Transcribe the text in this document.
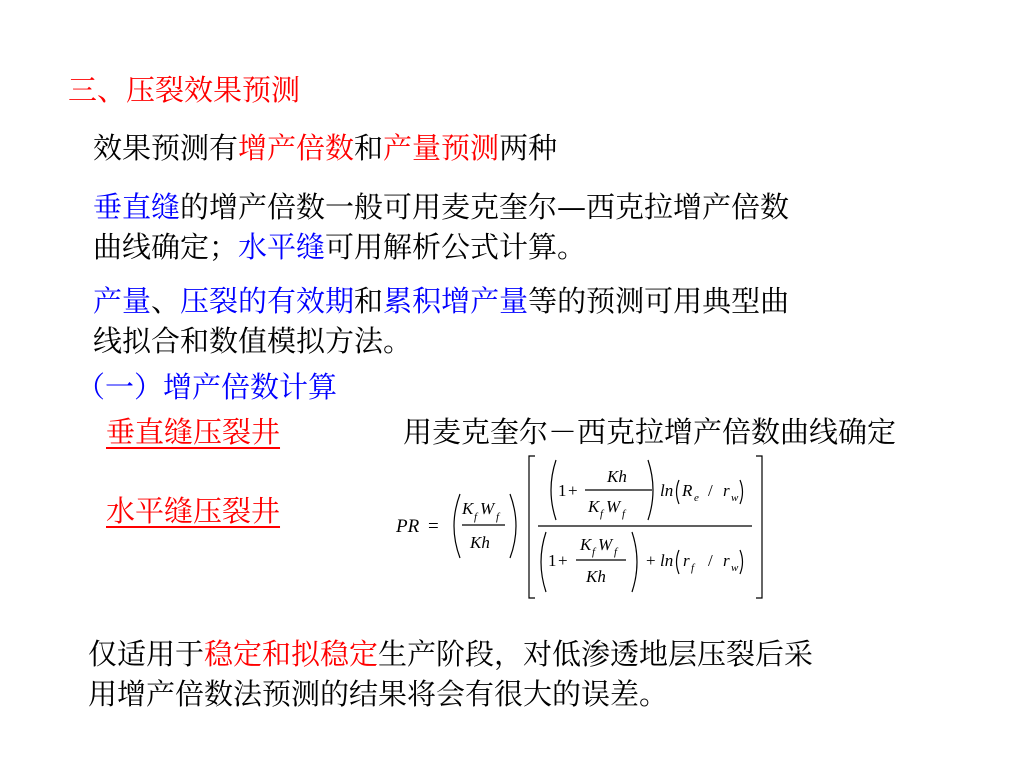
三、压裂效果预测
效果预测有增产倍数和产量预测两种
垂直缝的增产倍数一般可用麦克奎尔—西克拉增产倍数
曲线确定；水平缝可用解析公式计算。
产量、压裂的有效期和累积增产量等的预测可用典型曲
线拟合和数值模拟方法。
（一）增产倍数计算
垂直缝压裂井	用麦克奎尔－西克拉增产倍数曲线确定
水平缝压裂井	PR =
K f W f
Kh
1 +
Kh
K f W f
ln R e / r w
1 +
K f W f
Kh
+ ln r f / r w
仅适用于稳定和拟稳定生产阶段，对低渗透地层压裂后采
用增产倍数法预测的结果将会有很大的误差。
